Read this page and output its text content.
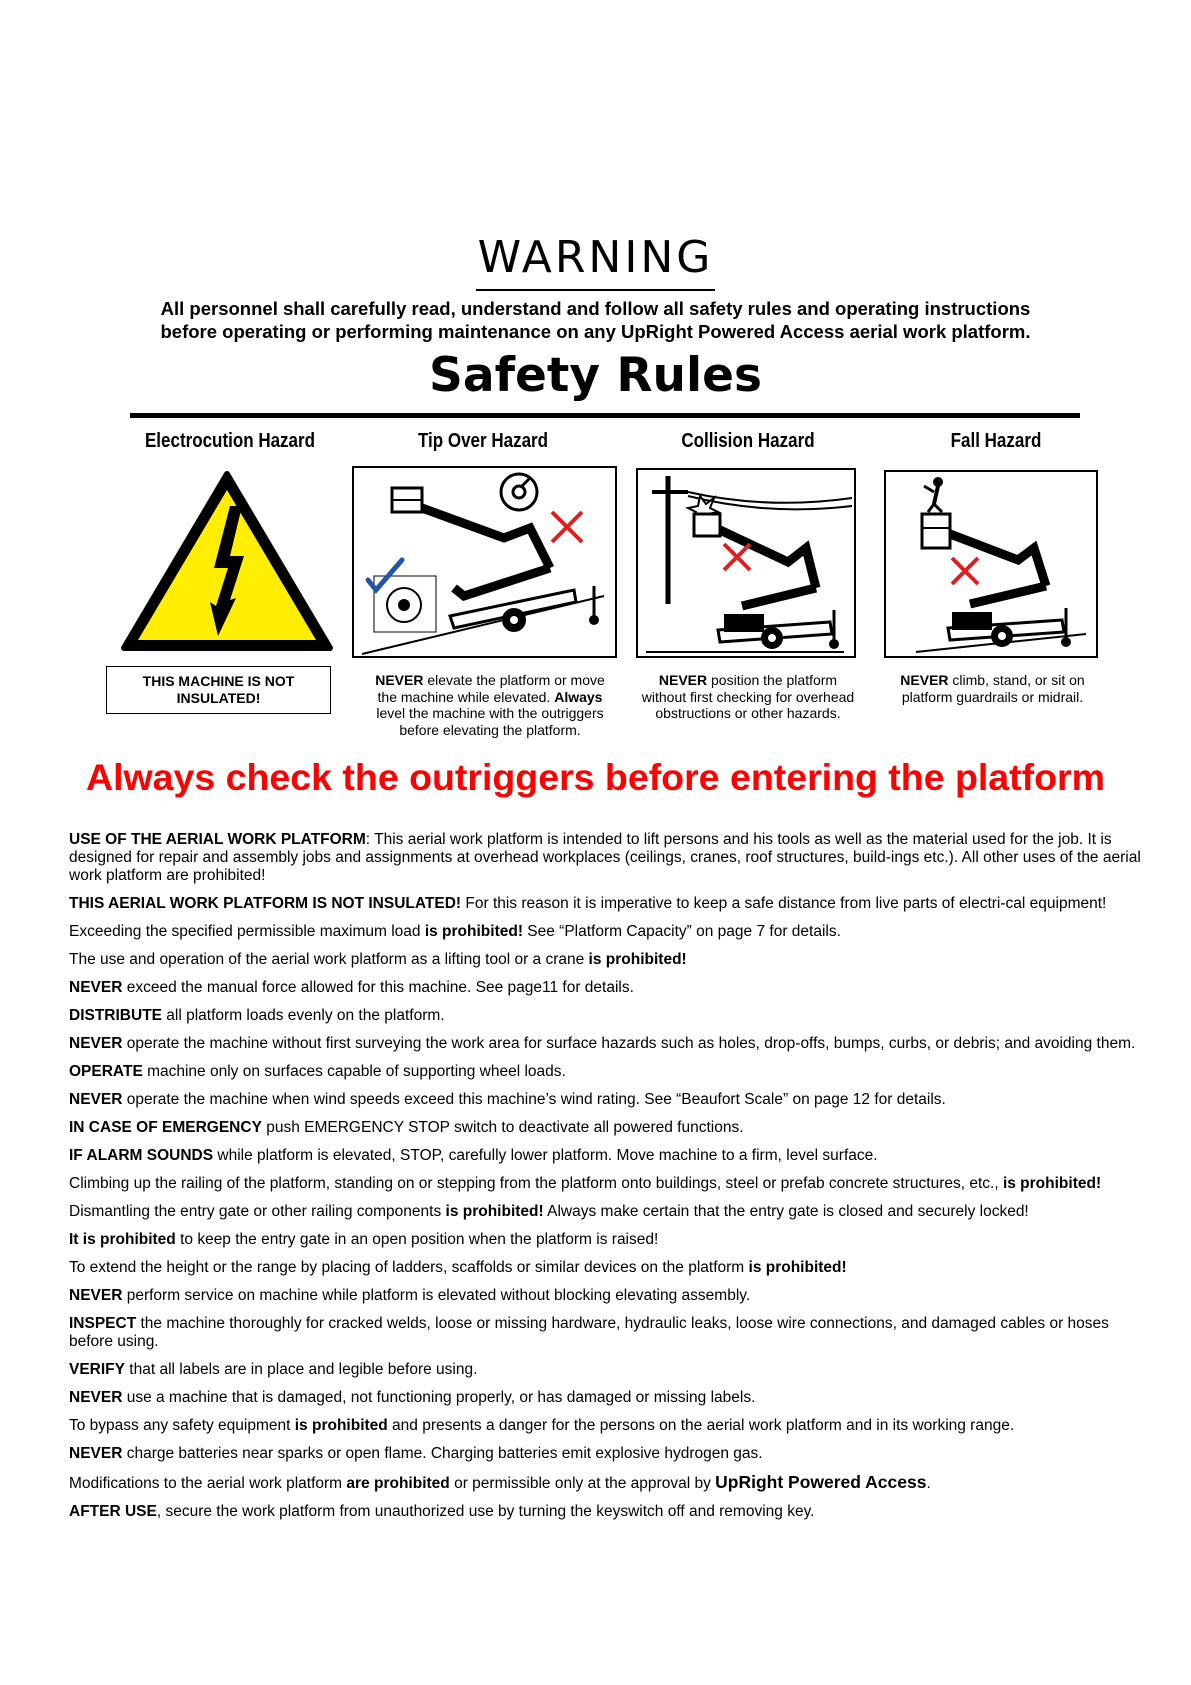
WARNING
All personnel shall carefully read, understand and follow all safety rules and operating instructions
before operating or performing maintenance on any UpRight Powered Access aerial work platform.
Safety Rules
Electrocution Hazard	Tip Over Hazard	Collision Hazard	Fall Hazard
THIS MACHINE IS NOT
INSULATED!
NEVER elevate the platform or move
the machine while elevated. Always
level the machine with the outriggers
before elevating the platform.
NEVER position the platform
without first checking for overhead
obstructions or other hazards.
NEVER climb, stand, or sit on
platform guardrails or midrail.
Always check the outriggers before entering the platform

USE OF THE AERIAL WORK PLATFORM: This aerial work platform is intended to lift persons and his tools as well as the material used for the job. It is designed for repair and assembly jobs and assignments at overhead workplaces (ceilings, cranes, roof structures, build-ings etc.). All other uses of the aerial work platform are prohibited!

THIS AERIAL WORK PLATFORM IS NOT INSULATED! For this reason it is imperative to keep a safe distance from live parts of electri-cal equipment!

Exceeding the specified permissible maximum load is prohibited! See “Platform Capacity” on page 7 for details.

The use and operation of the aerial work platform as a lifting tool or a crane is prohibited!

NEVER exceed the manual force allowed for this machine. See page11 for details.

DISTRIBUTE all platform loads evenly on the platform.

NEVER operate the machine without first surveying the work area for surface hazards such as holes, drop-offs, bumps, curbs, or debris; and avoiding them.

OPERATE machine only on surfaces capable of supporting wheel loads.

NEVER operate the machine when wind speeds exceed this machine’s wind rating. See “Beaufort Scale” on page 12 for details.

IN CASE OF EMERGENCY push EMERGENCY STOP switch to deactivate all powered functions.

IF ALARM SOUNDS while platform is elevated, STOP, carefully lower platform. Move machine to a firm, level surface.

Climbing up the railing of the platform, standing on or stepping from the platform onto buildings, steel or prefab concrete structures, etc., is prohibited!

Dismantling the entry gate or other railing components is prohibited! Always make certain that the entry gate is closed and securely locked!

It is prohibited to keep the entry gate in an open position when the platform is raised!

To extend the height or the range by placing of ladders, scaffolds or similar devices on the platform is prohibited!

NEVER perform service on machine while platform is elevated without blocking elevating assembly.

INSPECT the machine thoroughly for cracked welds, loose or missing hardware, hydraulic leaks, loose wire connections, and damaged cables or hoses before using.

VERIFY that all labels are in place and legible before using.

NEVER use a machine that is damaged, not functioning properly, or has damaged or missing labels.

To bypass any safety equipment is prohibited and presents a danger for the persons on the aerial work platform and in its working range.

NEVER charge batteries near sparks or open flame. Charging batteries emit explosive hydrogen gas.

Modifications to the aerial work platform are prohibited or permissible only at the approval by UpRight Powered Access.

AFTER USE, secure the work platform from unauthorized use by turning the keyswitch off and removing key.
